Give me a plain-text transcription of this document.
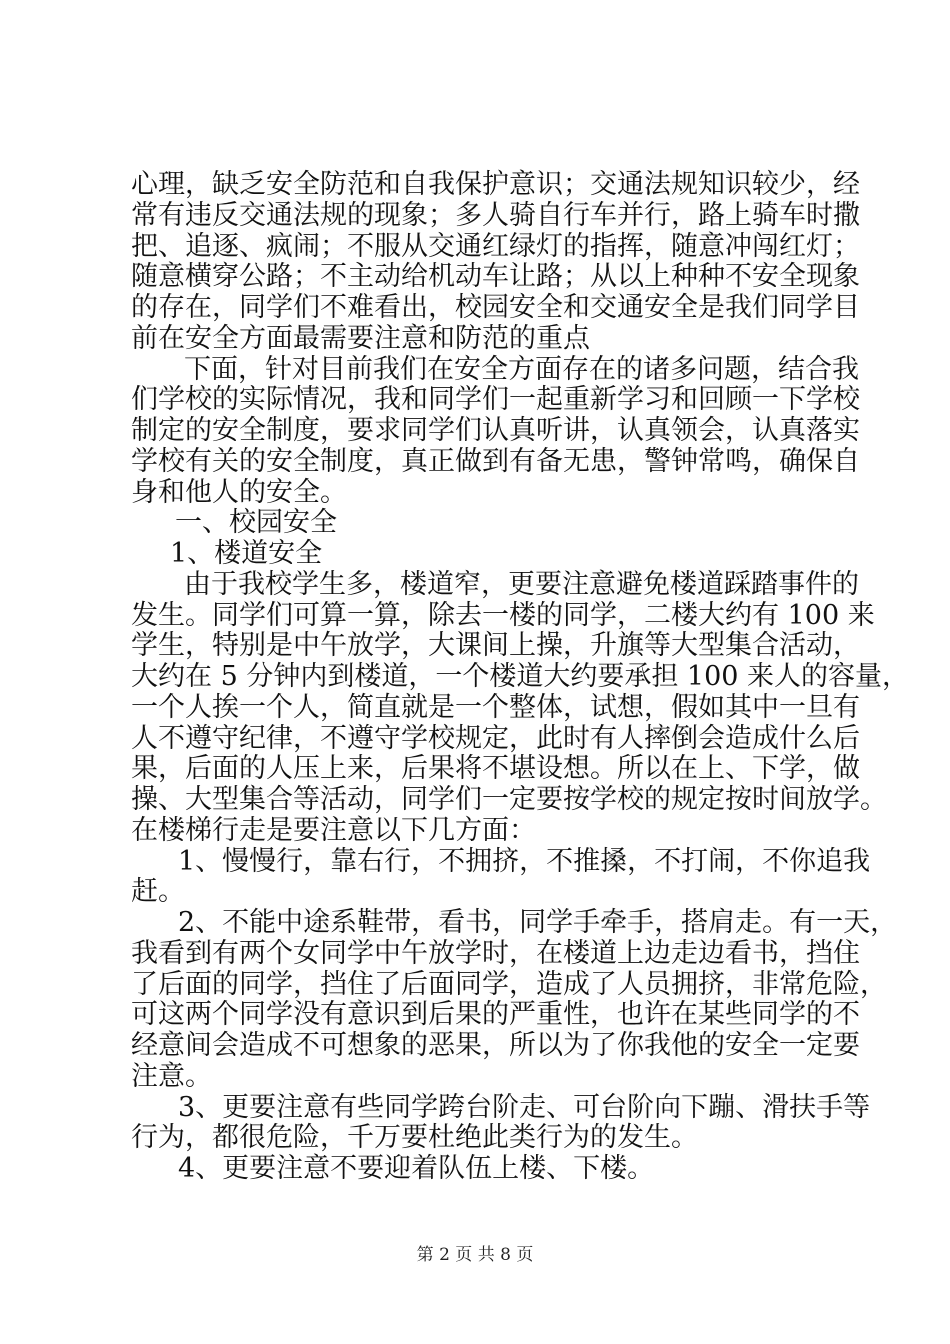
心理，缺乏安全防范和自我保护意识；交通法规知识较少，经

常有违反交通法规的现象；多人骑自行车并行，路上骑车时撒

把、追逐、疯闹；不服从交通红绿灯的指挥，随意冲闯红灯；

随意横穿公路；不主动给机动车让路；从以上种种不安全现象

的存在，同学们不难看出，校园安全和交通安全是我们同学目

前在安全方面最需要注意和防范的重点

下面，针对目前我们在安全方面存在的诸多问题，结合我

们学校的实际情况，我和同学们一起重新学习和回顾一下学校

制定的安全制度，要求同学们认真听讲，认真领会，认真落实

学校有关的安全制度，真正做到有备无患，警钟常鸣，确保自

身和他人的安全。

一、校园安全

1、楼道安全

由于我校学生多，楼道窄，更要注意避免楼道踩踏事件的

发生。同学们可算一算，除去一楼的同学，二楼大约有 100 来

学生，特别是中午放学，大课间上操，升旗等大型集合活动，

大约在 5 分钟内到楼道，一个楼道大约要承担 100 来人的容量，

一个人挨一个人，简直就是一个整体，试想，假如其中一旦有

人不遵守纪律，不遵守学校规定，此时有人摔倒会造成什么后

果，后面的人压上来，后果将不堪设想。所以在上、下学，做

操、大型集合等活动，同学们一定要按学校的规定按时间放学。

在楼梯行走是要注意以下几方面：

1、慢慢行，靠右行，不拥挤，不推搡，不打闹，不你追我

赶。

2、不能中途系鞋带，看书，同学手牵手，搭肩走。有一天，

我看到有两个女同学中午放学时，在楼道上边走边看书，挡住

了后面的同学，挡住了后面同学，造成了人员拥挤，非常危险，

可这两个同学没有意识到后果的严重性，也许在某些同学的不

经意间会造成不可想象的恶果，所以为了你我他的安全一定要

注意。

3、更要注意有些同学跨台阶走、可台阶向下蹦、滑扶手等

行为，都很危险，千万要杜绝此类行为的发生。

4、更要注意不要迎着队伍上楼、下楼。

第 2 页 共 8 页
